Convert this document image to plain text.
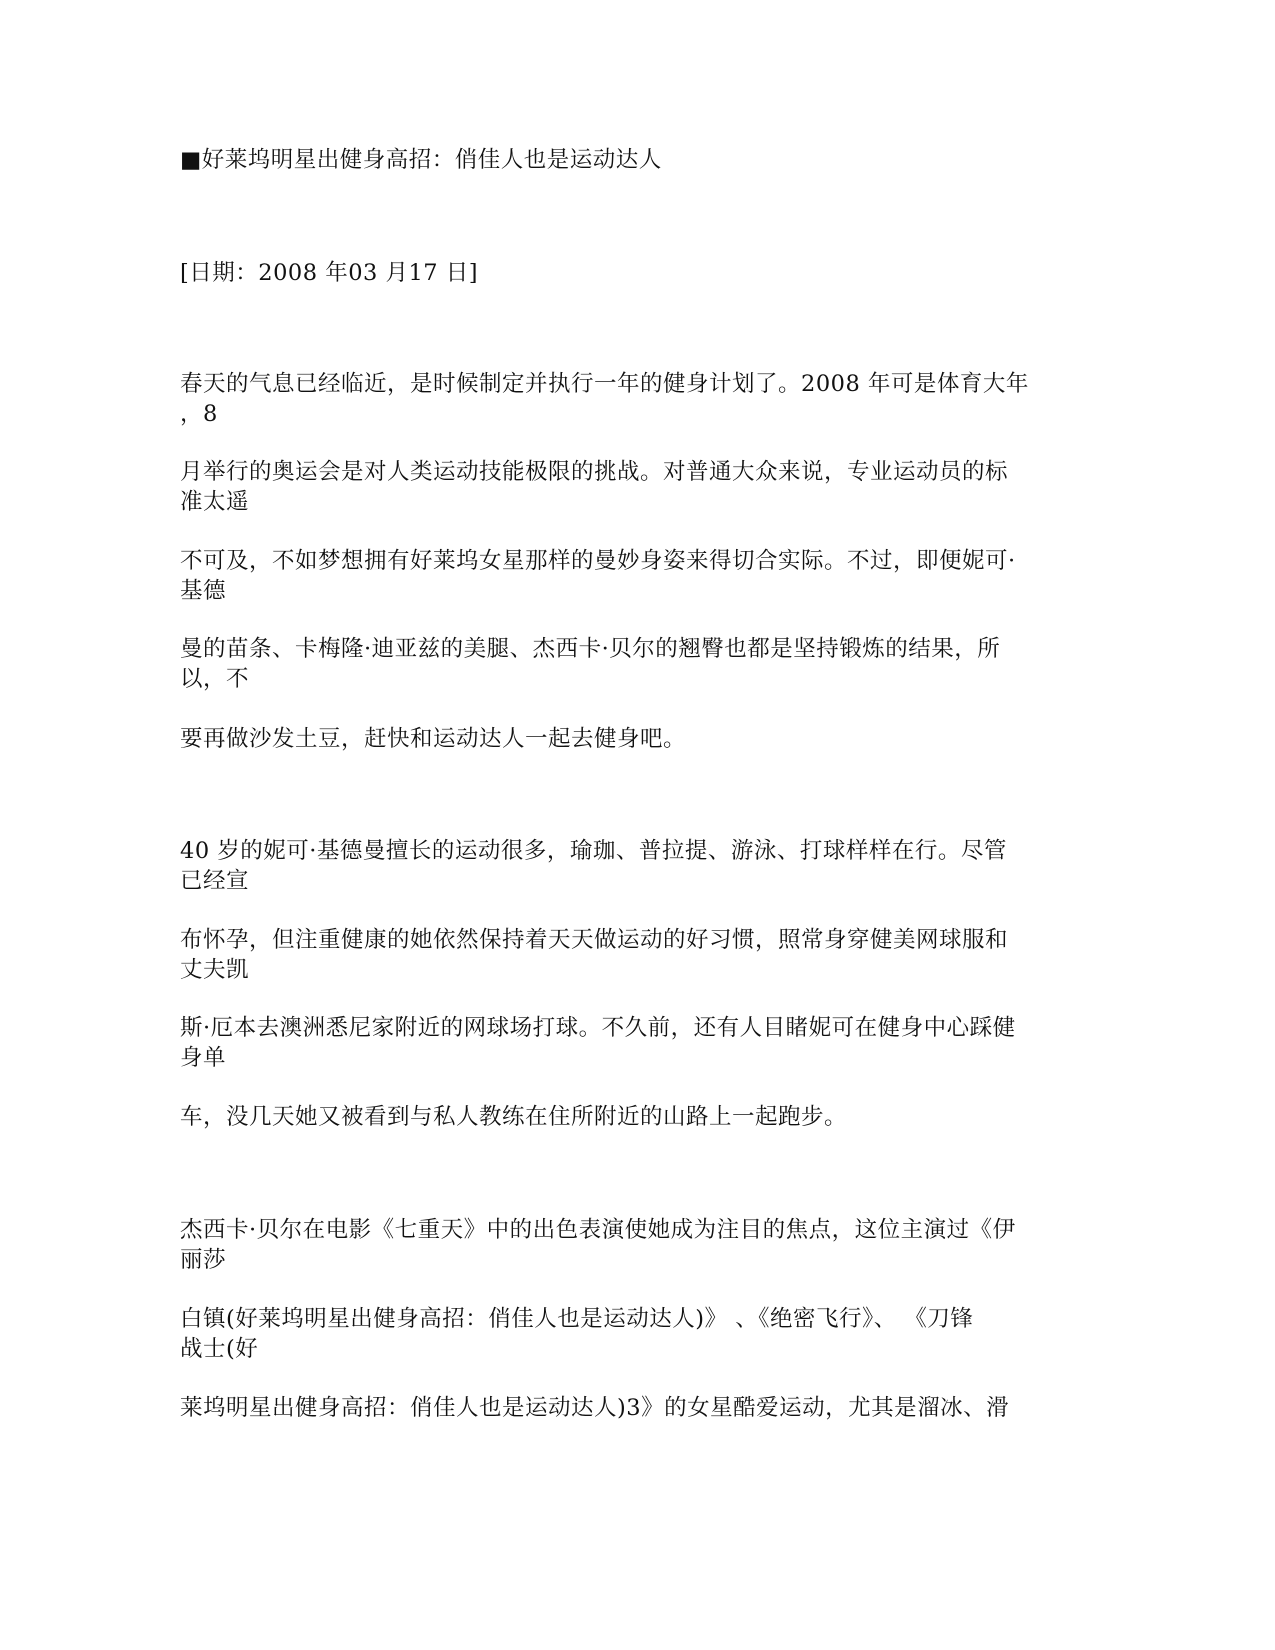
■好莱坞明星出健身高招：俏佳人也是运动达人
[日期：2008 年03 月17 日]
春天的气息已经临近，是时候制定并执行一年的健身计划了。2008 年可是体育大年
，8
月举行的奥运会是对人类运动技能极限的挑战。对普通大众来说，专业运动员的标
准太遥
不可及，不如梦想拥有好莱坞女星那样的曼妙身姿来得切合实际。不过，即便妮可·
基德
曼的苗条、卡梅隆·迪亚兹的美腿、杰西卡·贝尔的翘臀也都是坚持锻炼的结果，所
以，不
要再做沙发土豆，赶快和运动达人一起去健身吧。
40 岁的妮可·基德曼擅长的运动很多，瑜珈、普拉提、游泳、打球样样在行。尽管
已经宣
布怀孕，但注重健康的她依然保持着天天做运动的好习惯，照常身穿健美网球服和
丈夫凯
斯·厄本去澳洲悉尼家附近的网球场打球。不久前，还有人目睹妮可在健身中心踩健
身单
车，没几天她又被看到与私人教练在住所附近的山路上一起跑步。
杰西卡·贝尔在电影《七重天》中的出色表演使她成为注目的焦点，这位主演过《伊
丽莎
白镇(好莱坞明星出健身高招：俏佳人也是运动达人)》 、《绝密飞行》、 《刀锋
战士(好
莱坞明星出健身高招：俏佳人也是运动达人)3》的女星酷爱运动，尤其是溜冰、滑
